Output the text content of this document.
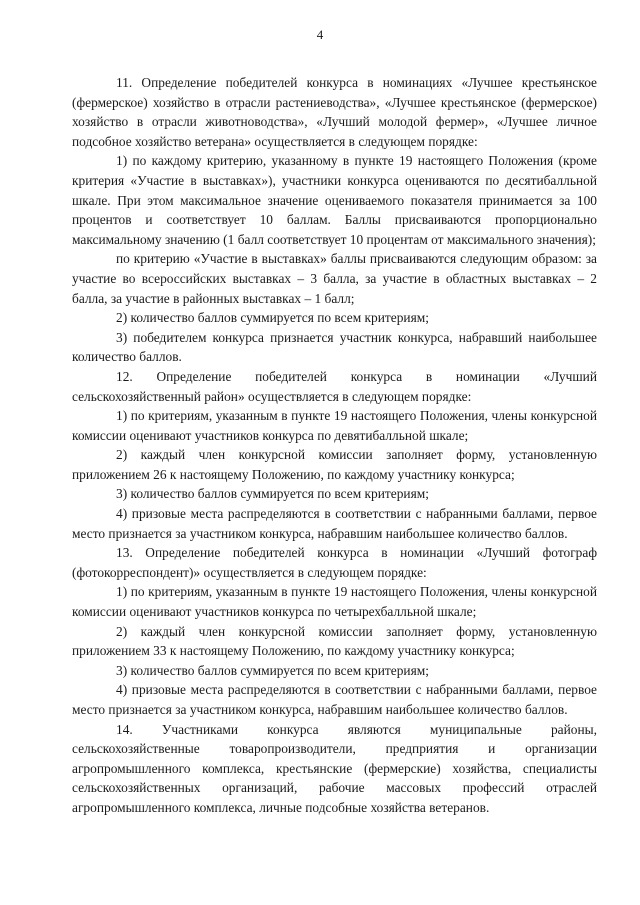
4

11. Определение победителей конкурса в номинациях «Лучшее крестьянское (фермерское) хозяйство в отрасли растениеводства», «Лучшее крестьянское (фермерское) хозяйство в отрасли животноводства», «Лучший молодой фермер», «Лучшее личное подсобное хозяйство ветерана» осуществляется в следующем порядке:

1) по каждому критерию, указанному в пункте 19 настоящего Положения (кроме критерия «Участие в выставках»), участники конкурса оцениваются по десятибалльной шкале. При этом максимальное значение оцениваемого показателя принимается за 100 процентов и соответствует 10 баллам. Баллы присваиваются пропорционально максимальному значению (1 балл соответствует 10 процентам от максимального значения);

по критерию «Участие в выставках» баллы присваиваются следующим образом: за участие во всероссийских выставках – 3 балла, за участие в областных выставках – 2 балла, за участие в районных выставках – 1 балл;

2) количество баллов суммируется по всем критериям;

3) победителем конкурса признается участник конкурса, набравший наибольшее количество баллов.

12. Определение победителей конкурса в номинации «Лучший сельскохозяйственный район» осуществляется в следующем порядке:

1) по критериям, указанным в пункте 19 настоящего Положения, члены конкурсной комиссии оценивают участников конкурса по девятибалльной шкале;

2) каждый член конкурсной комиссии заполняет форму, установленную приложением 26 к настоящему Положению, по каждому участнику конкурса;

3) количество баллов суммируется по всем критериям;

4) призовые места распределяются в соответствии с набранными баллами, первое место признается за участником конкурса, набравшим наибольшее количество баллов.

13. Определение победителей конкурса в номинации «Лучший фотограф (фотокорреспондент)» осуществляется в следующем порядке:

1) по критериям, указанным в пункте 19 настоящего Положения, члены конкурсной комиссии оценивают участников конкурса по четырехбалльной шкале;

2) каждый член конкурсной комиссии заполняет форму, установленную приложением 33 к настоящему Положению, по каждому участнику конкурса;

3) количество баллов суммируется по всем критериям;

4) призовые места распределяются в соответствии с набранными баллами, первое место признается за участником конкурса, набравшим наибольшее количество баллов.

14. Участниками конкурса являются муниципальные районы, сельскохозяйственные товаропроизводители, предприятия и организации агропромышленного комплекса, крестьянские (фермерские) хозяйства, специалисты сельскохозяйственных организаций, рабочие массовых профессий отраслей агропромышленного комплекса, личные подсобные хозяйства ветеранов.
